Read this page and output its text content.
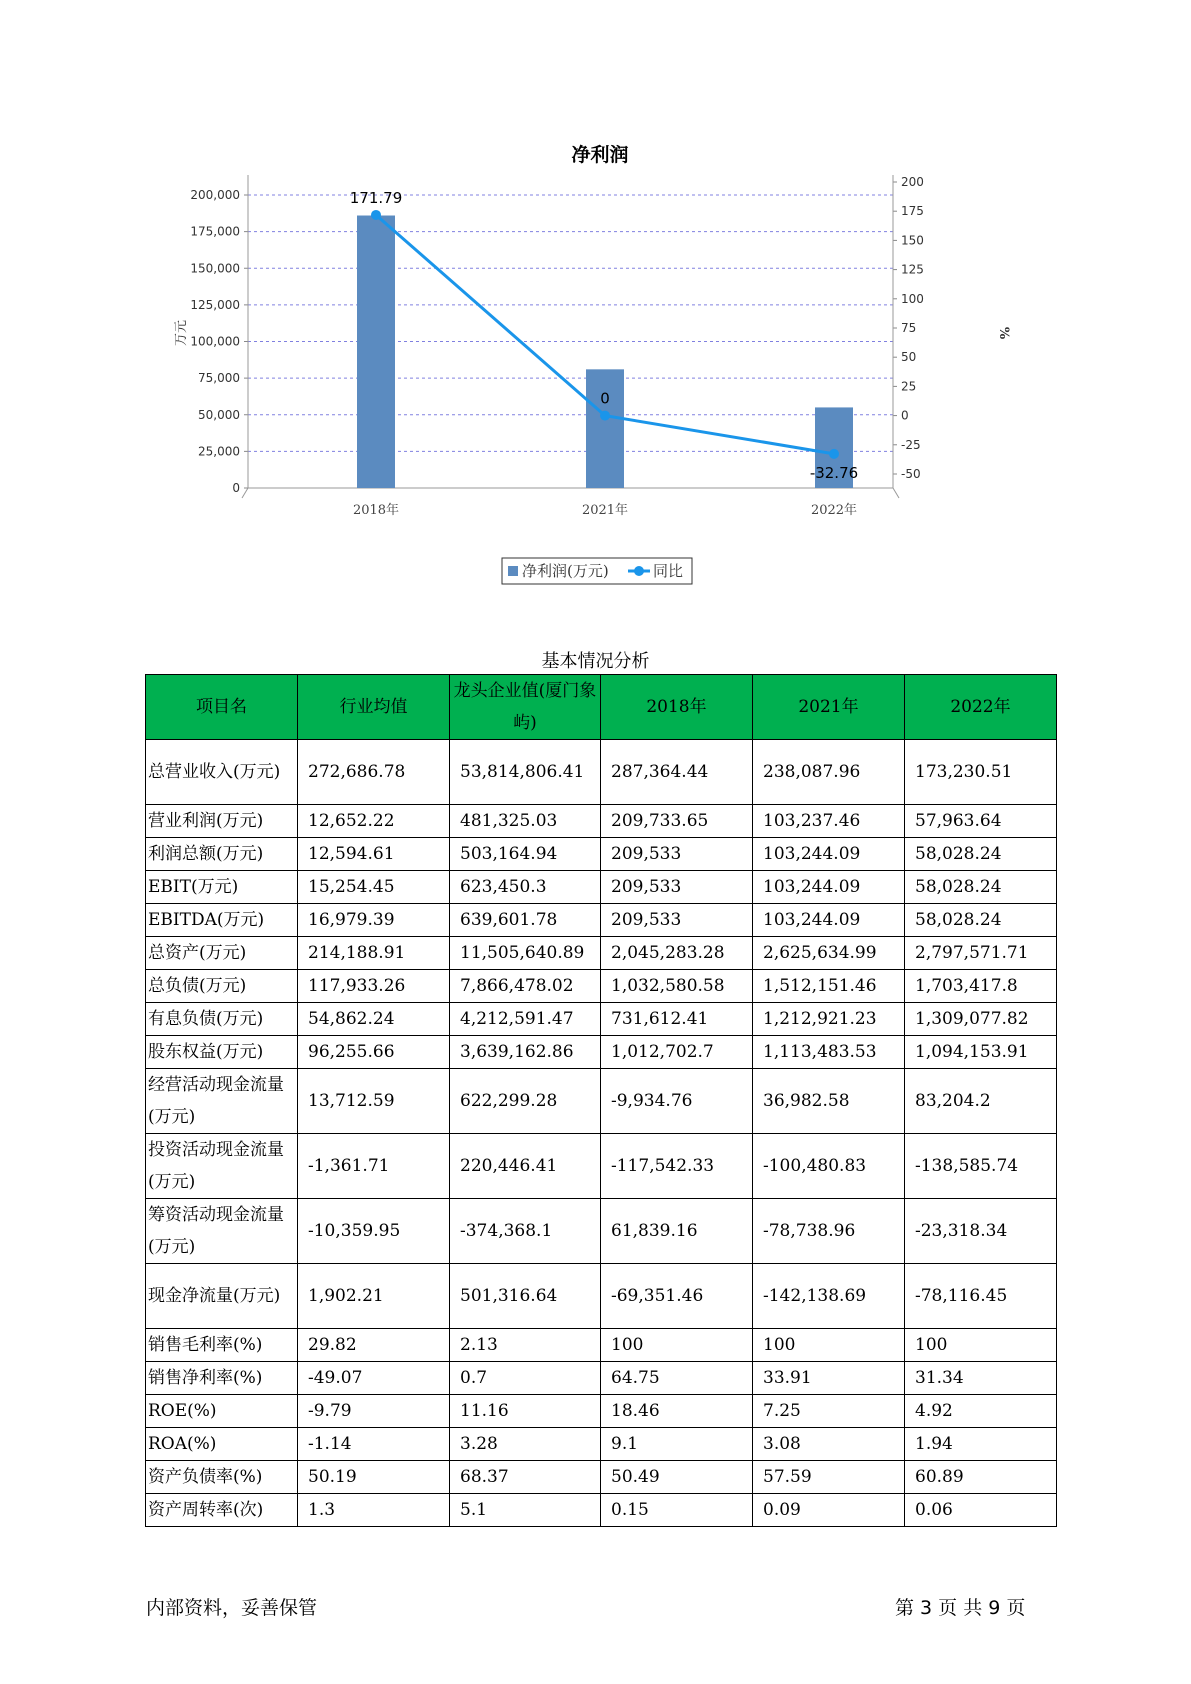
净利润
0
25,000
50,000
75,000
100,000
125,000
150,000
175,000
200,000
-50
-25
0
25
50
75
100
125
150
175
200
万元	%
2018年	2021年	2022年
171.79
0
-32.76
净利润(万元)	同比
基本情况分析
项目名	行业均值	龙头企业值(厦门象屿)	2018年	2021年	2022年
总营业收入(万元)	272,686.78	53,814,806.41	287,364.44	238,087.96	173,230.51
营业利润(万元)	12,652.22	481,325.03	209,733.65	103,237.46	57,963.64
利润总额(万元)	12,594.61	503,164.94	209,533	103,244.09	58,028.24
EBIT(万元)	15,254.45	623,450.3	209,533	103,244.09	58,028.24
EBITDA(万元)	16,979.39	639,601.78	209,533	103,244.09	58,028.24
总资产(万元)	214,188.91	11,505,640.89	2,045,283.28	2,625,634.99	2,797,571.71
总负债(万元)	117,933.26	7,866,478.02	1,032,580.58	1,512,151.46	1,703,417.8
有息负债(万元)	54,862.24	4,212,591.47	731,612.41	1,212,921.23	1,309,077.82
股东权益(万元)	96,255.66	3,639,162.86	1,012,702.7	1,113,483.53	1,094,153.91
经营活动现金流量(万元)	13,712.59	622,299.28	-9,934.76	36,982.58	83,204.2
投资活动现金流量(万元)	-1,361.71	220,446.41	-117,542.33	-100,480.83	-138,585.74
筹资活动现金流量(万元)	-10,359.95	-374,368.1	61,839.16	-78,738.96	-23,318.34
现金净流量(万元)	1,902.21	501,316.64	-69,351.46	-142,138.69	-78,116.45
销售毛利率(%)	29.82	2.13	100	100	100
销售净利率(%)	-49.07	0.7	64.75	33.91	31.34
ROE(%)	-9.79	11.16	18.46	7.25	4.92
ROA(%)	-1.14	3.28	9.1	3.08	1.94
资产负债率(%)	50.19	68.37	50.49	57.59	60.89
资产周转率(次)	1.3	5.1	0.15	0.09	0.06
内部资料，妥善保管	第 3 页 共 9 页
